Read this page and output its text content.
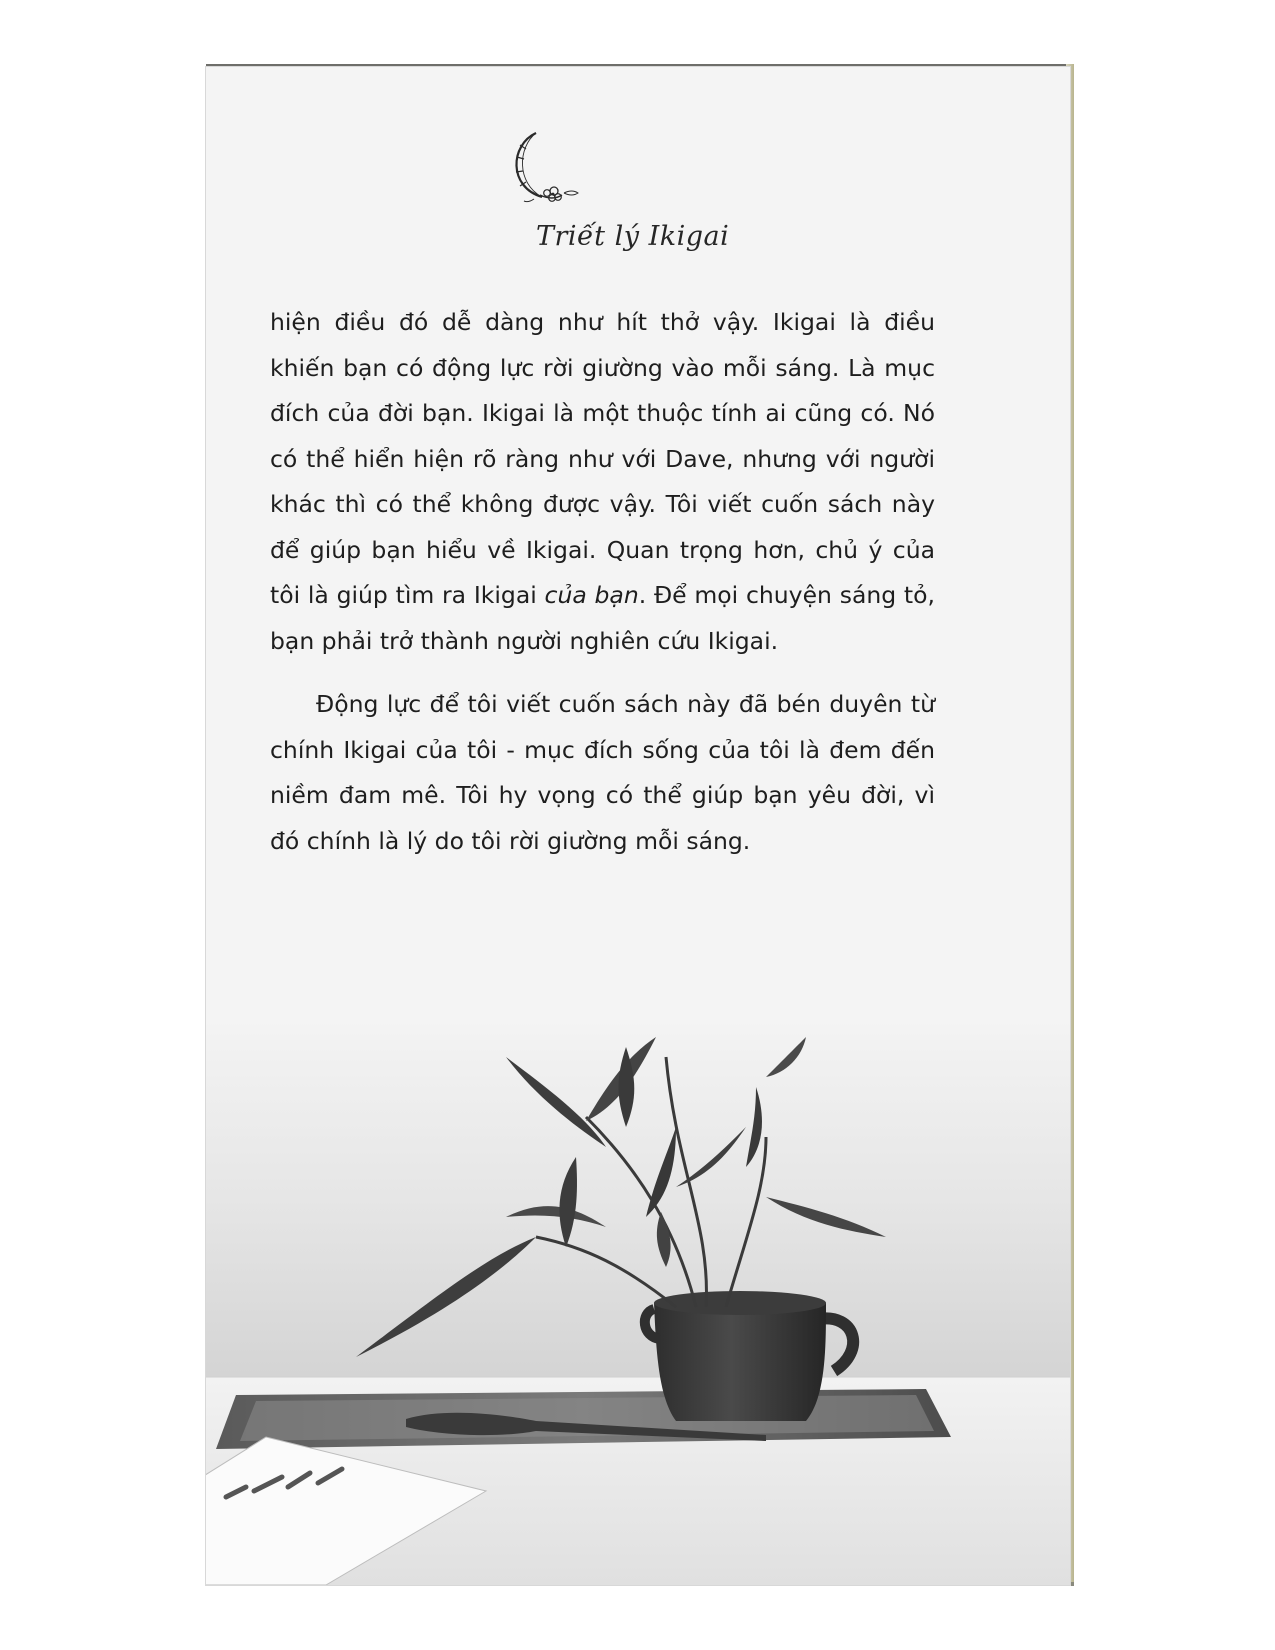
Triết lý Ikigai

hiện điều đó dễ dàng như hít thở vậy. Ikigai là điều khiến bạn có động lực rời giường vào mỗi sáng. Là mục đích của đời bạn. Ikigai là một thuộc tính ai cũng có. Nó có thể hiển hiện rõ ràng như với Dave, nhưng với người khác thì có thể không được vậy. Tôi viết cuốn sách này để giúp bạn hiểu về Ikigai. Quan trọng hơn, chủ ý của tôi là giúp tìm ra Ikigai của bạn. Để mọi chuyện sáng tỏ, bạn phải trở thành người nghiên cứu Ikigai.

Động lực để tôi viết cuốn sách này đã bén duyên từ chính Ikigai của tôi - mục đích sống của tôi là đem đến niềm đam mê. Tôi hy vọng có thể giúp bạn yêu đời, vì đó chính là lý do tôi rời giường mỗi sáng.
